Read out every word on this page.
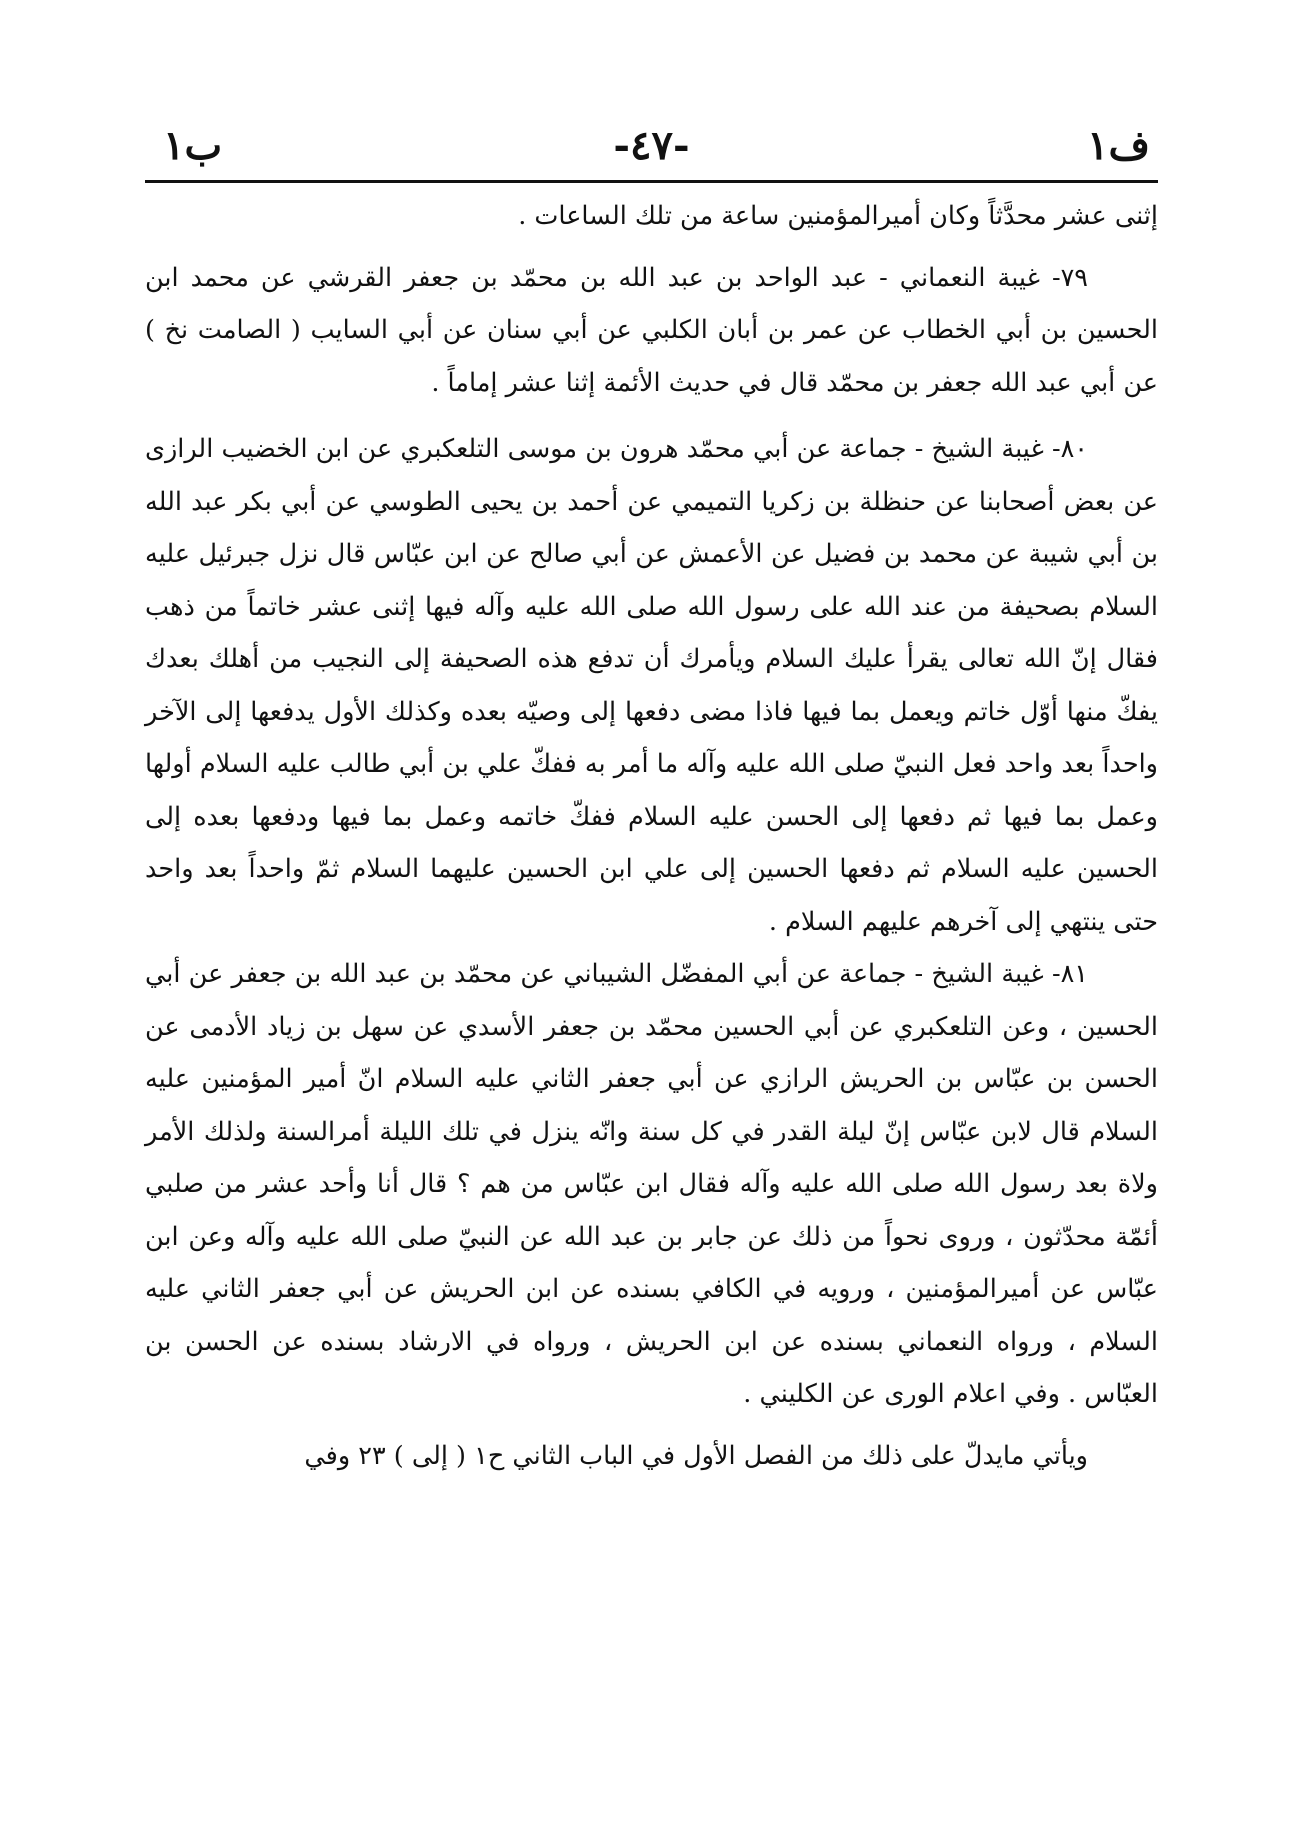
ب١	-٤٧-	ف١

إثنى عشر محدَّثاً وكان أميرالمؤمنين ساعة من تلك الساعات .

٧٩- غيبة النعماني - عبد الواحد بن عبد الله بن محمّد بن جعفر القرشي عن محمد ابن الحسين بن أبي الخطاب عن عمر بن أبان الكلبي عن أبي سنان عن أبي السايب ( الصامت نخ ) عن أبي عبد الله جعفر بن محمّد قال في حديث الأئمة إثنا عشر إماماً .

٨٠- غيبة الشيخ - جماعة عن أبي محمّد هرون بن موسى التلعكبري عن ابن الخضيب الرازى عن بعض أصحابنا عن حنظلة بن زكريا التميمي عن أحمد بن يحيى الطوسي عن أبي بكر عبد الله بن أبي شيبة عن محمد بن فضيل عن الأعمش عن أبي صالح عن ابن عبّاس قال نزل جبرئيل عليه السلام بصحيفة من عند الله على رسول الله صلى الله عليه وآله فيها إثنى عشر خاتماً من ذهب فقال إنّ الله تعالى يقرأ عليك السلام ويأمرك أن تدفع هذه الصحيفة إلى النجيب من أهلك بعدك يفكّ منها أوّل خاتم ويعمل بما فيها فاذا مضى دفعها إلى وصيّه بعده وكذلك الأول يدفعها إلى الآخر واحداً بعد واحد فعل النبيّ صلى الله عليه وآله ما أمر به ففكّ علي بن أبي طالب عليه السلام أولها وعمل بما فيها ثم دفعها إلى الحسن عليه السلام ففكّ خاتمه وعمل بما فيها ودفعها بعده إلى الحسين عليه السلام ثم دفعها الحسين إلى علي ابن الحسين عليهما السلام ثمّ واحداً بعد واحد حتى ينتهي إلى آخرهم عليهم السلام .

٨١- غيبة الشيخ - جماعة عن أبي المفضّل الشيباني عن محمّد بن عبد الله بن جعفر عن أبي الحسين ، وعن التلعكبري عن أبي الحسين محمّد بن جعفر الأسدي عن سهل بن زياد الأدمى عن الحسن بن عبّاس بن الحريش الرازي عن أبي جعفر الثاني عليه السلام انّ أمير المؤمنين عليه السلام قال لابن عبّاس إنّ ليلة القدر في كل سنة وانّه ينزل في تلك الليلة أمرالسنة ولذلك الأمر ولاة بعد رسول الله صلى الله عليه وآله فقال ابن عبّاس من هم ؟ قال أنا وأحد عشر من صلبي أئمّة محدّثون ، وروى نحواً من ذلك عن جابر بن عبد الله عن النبيّ صلى الله عليه وآله وعن ابن عبّاس عن أميرالمؤمنين ، ورويه في الكافي بسنده عن ابن الحريش عن أبي جعفر الثاني عليه السلام ، ورواه النعماني بسنده عن ابن الحريش ، ورواه في الارشاد بسنده عن الحسن بن العبّاس . وفي اعلام الورى عن الكليني .

ويأتي مايدلّ على ذلك من الفصل الأول في الباب الثاني ح١ ( إلى ) ٢٣ وفي
